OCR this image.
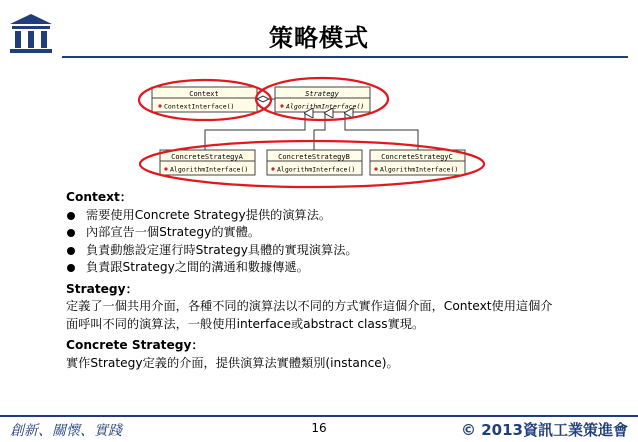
策略模式
Context
ContextInterface()
Strategy
AlgorithmInterface()
ConcreteStrategyA
AlgorithmInterface()
ConcreteStrategyB
AlgorithmInterface()
ConcreteStrategyC
AlgorithmInterface()
Context：
需要使用Concrete Strategy提供的演算法。
內部宣告一個Strategy的實體。
負責動態設定運行時Strategy具體的實現演算法。
負責跟Strategy之間的溝通和數據傳遞。
Strategy：
定義了一個共用介面，各種不同的演算法以不同的方式實作這個介面，Context使用這個介
面呼叫不同的演算法，一般使用interface或abstract class實現。
Concrete Strategy：
實作Strategy定義的介面，提供演算法實體類別(instance)。
創新、關懷、實踐	16	© 2013資訊工業策進會
